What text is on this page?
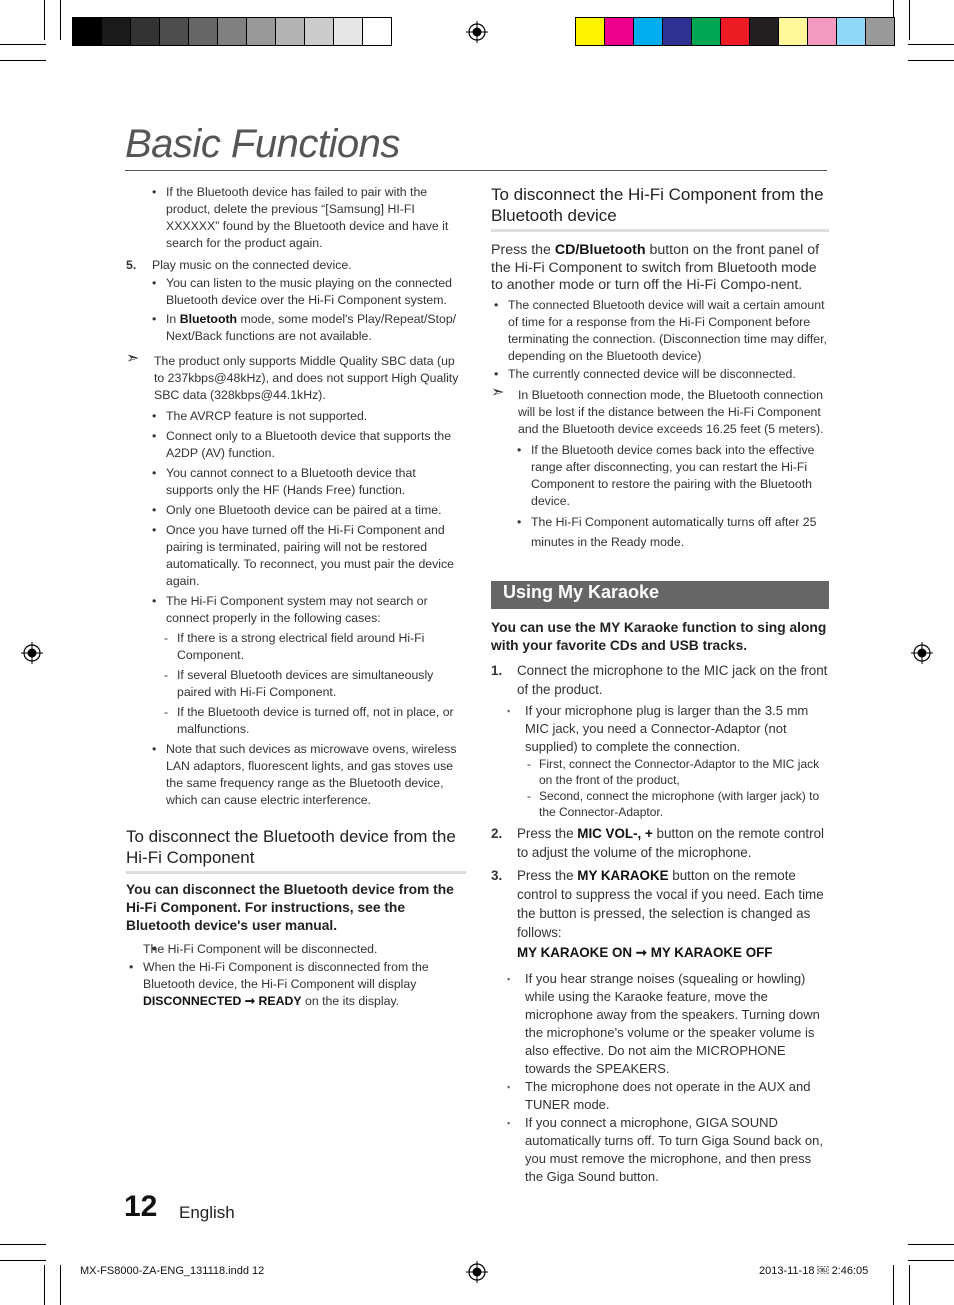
Basic Functions
• If the Bluetooth device has failed to pair with the product, delete the previous “[Samsung] HI-FI XXXXXX” found by the Bluetooth device and have it search for the product again.
5. Play music on the connected device.
• You can listen to the music playing on the connected Bluetooth device over the Hi-Fi Component system.
• In Bluetooth mode, some model's Play/Repeat/Stop/ Next/Back functions are not available.
➣ The product only supports Middle Quality SBC data (up to 237kbps@48kHz), and does not support High Quality SBC data (328kbps@44.1kHz).
• The AVRCP feature is not supported.
• Connect only to a Bluetooth device that supports the A2DP (AV) function.
• You cannot connect to a Bluetooth device that supports only the HF (Hands Free) function.
• Only one Bluetooth device can be paired at a time.
• Once you have turned off the Hi-Fi Component and pairing is terminated, pairing will not be restored automatically. To reconnect, you must pair the device again.
• The Hi-Fi Component system may not search or connect properly in the following cases:
- If there is a strong electrical field around Hi-Fi Component.
- If several Bluetooth devices are simultaneously paired with Hi-Fi Component.
- If the Bluetooth device is turned off, not in place, or malfunctions.
• Note that such devices as microwave ovens, wireless LAN adaptors, fluorescent lights, and gas stoves use the same frequency range as the Bluetooth device, which can cause electric interference.
To disconnect the Bluetooth device from the Hi-Fi Component
You can disconnect the Bluetooth device from the Hi-Fi Component. For instructions, see the Bluetooth device's user manual.
• The Hi-Fi Component will be disconnected.
• When the Hi-Fi Component is disconnected from the Bluetooth device, the Hi-Fi Component will display DISCONNECTED ➞ READY on the its display.
To disconnect the Hi-Fi Component from the Bluetooth device
Press the CD/Bluetooth button on the front panel of the Hi-Fi Component to switch from Bluetooth mode to another mode or turn off the Hi-Fi Compo-nent.
• The connected Bluetooth device will wait a certain amount of time for a response from the Hi-Fi Component before terminating the connection. (Disconnection time may differ, depending on the Bluetooth device)
• The currently connected device will be disconnected.
➣ In Bluetooth connection mode, the Bluetooth connection will be lost if the distance between the Hi-Fi Component and the Bluetooth device exceeds 16.25 feet (5 meters).
• If the Bluetooth device comes back into the effective range after disconnecting, you can restart the Hi-Fi Component to restore the pairing with the Bluetooth device.
• The Hi-Fi Component automatically turns off after 25 minutes in the Ready mode.
Using My Karaoke
You can use the MY Karaoke function to sing along with your favorite CDs and USB tracks.
1. Connect the microphone to the MIC jack on the front of the product.
▪ If your microphone plug is larger than the 3.5 mm MIC jack, you need a Connector-Adaptor (not supplied) to complete the connection.
- First, connect the Connector-Adaptor to the MIC jack on the front of the product,
- Second, connect the microphone (with larger jack) to the Connector-Adaptor.
2. Press the MIC VOL-, + button on the remote control to adjust the volume of the microphone.
3. Press the MY KARAOKE button on the remote control to suppress the vocal if you need. Each time the button is pressed, the selection is changed as follows:
MY KARAOKE ON ➞ MY KARAOKE OFF
▪ If you hear strange noises (squealing or howling) while using the Karaoke feature, move the microphone away from the speakers. Turning down the microphone's volume or the speaker volume is also effective. Do not aim the MICROPHONE towards the SPEAKERS.
▪ The microphone does not operate in the AUX and TUNER mode.
▪ If you connect a microphone, GIGA SOUND automatically turns off. To turn Giga Sound back on, you must remove the microphone, and then press the Giga Sound button.
12 English
MX-FS8000-ZA-ENG_131118.indd 12	2013-11-18 ￼ 2:46:05
